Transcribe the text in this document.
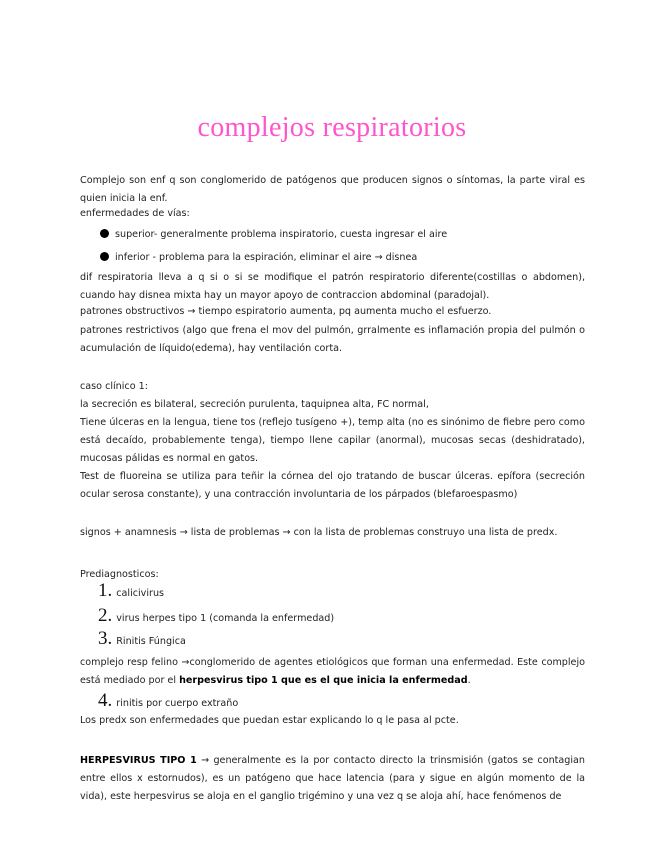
complejos respiratorios

Complejo son enf q son conglomerido de patógenos que producen signos o síntomas, la parte viral es quien inicia la enf.

enfermedades de vías:

superior- generalmente problema inspiratorio, cuesta ingresar el aire
inferior - problema para la espiración, eliminar el aire → disnea

dif respiratoria lleva a q si o si se modifique el patrón respiratorio diferente(costillas o abdomen), cuando hay disnea mixta hay un mayor apoyo de contraccion abdominal (paradojal).

patrones obstructivos → tiempo espiratorio aumenta, pq aumenta mucho el esfuerzo.

patrones restrictivos (algo que frena el mov del pulmón, grralmente es inflamación propia del pulmón o acumulación de líquido(edema), hay ventilación corta.

caso clínico 1:

la secreción es bilateral, secreción purulenta, taquipnea alta, FC normal,

Tiene úlceras en la lengua, tiene tos (reflejo tusígeno +), temp alta (no es sinónimo de fiebre pero como está decaído, probablemente tenga), tiempo llene capilar (anormal), mucosas secas (deshidratado), mucosas pálidas es normal en gatos.

Test de fluoreina se utiliza para teñir la córnea del ojo tratando de buscar úlceras. epífora (secreción ocular serosa constante), y una contracción involuntaria de los párpados (blefaroespasmo)

signos + anamnesis → lista de problemas → con la lista de problemas construyo una lista de predx.

Prediagnosticos:

1. calicivirus
2. virus herpes tipo 1 (comanda la enfermedad)
3. Rinitis Fúngica

complejo resp felino →conglomerido de agentes etiológicos que forman una enfermedad. Este complejo está mediado por el herpesvirus tipo 1 que es el que inicia la enfermedad.

4. rinitis por cuerpo extraño

Los predx son enfermedades que puedan estar explicando lo q le pasa al pcte.

HERPESVIRUS TIPO 1 → generalmente es la por contacto directo la trinsmisión (gatos se contagian entre ellos x estornudos), es un patógeno que hace latencia (para y sigue en algún momento de la vida), este herpesvirus se aloja en el ganglio trigémino y una vez q se aloja ahí, hace fenómenos de
